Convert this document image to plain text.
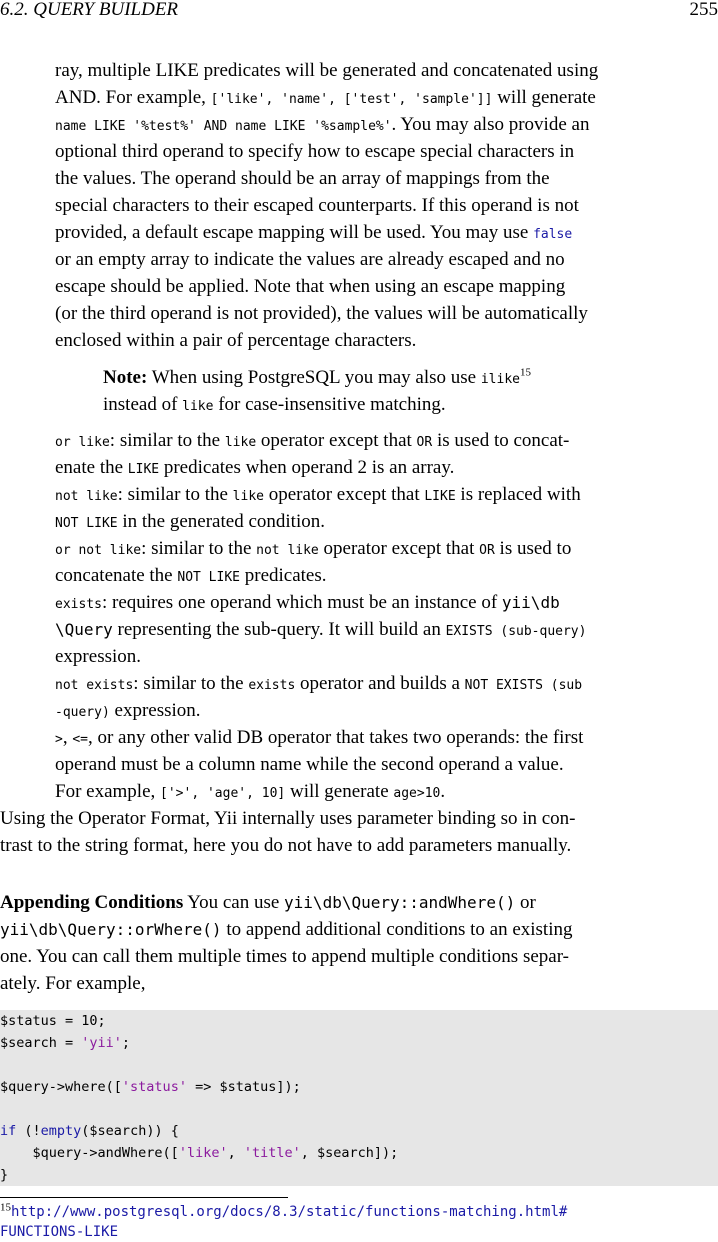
6.2. QUERY BUILDER	255
ray, multiple LIKE predicates will be generated and concatenated using
AND. For example, ['like', 'name', ['test', 'sample']] will generate
name LIKE '%test%' AND name LIKE '%sample%'. You may also provide an
optional third operand to specify how to escape special characters in
the values. The operand should be an array of mappings from the
special characters to their escaped counterparts. If this operand is not
provided, a default escape mapping will be used. You may use false
or an empty array to indicate the values are already escaped and no
escape should be applied. Note that when using an escape mapping
(or the third operand is not provided), the values will be automatically
enclosed within a pair of percentage characters.
Note: When using PostgreSQL you may also use ilike$^{15}$
instead of like for case-insensitive matching.
or like: similar to the like operator except that OR is used to concat-
enate the LIKE predicates when operand 2 is an array.
not like: similar to the like operator except that LIKE is replaced with
NOT LIKE in the generated condition.
or not like: similar to the not like operator except that OR is used to
concatenate the NOT LIKE predicates.
exists: requires one operand which must be an instance of yii\db
\Query representing the sub-query. It will build an EXISTS (sub-query)
expression.
not exists: similar to the exists operator and builds a NOT EXISTS (sub
-query) expression.
>, <=, or any other valid DB operator that takes two operands: the first
operand must be a column name while the second operand a value.
For example, ['>', 'age', 10] will generate age>10.
Using the Operator Format, Yii internally uses parameter binding so in con-
trast to the string format, here you do not have to add parameters manually.
Appending Conditions You can use yii\db\Query::andWhere() or
yii\db\Query::orWhere() to append additional conditions to an existing
one. You can call them multiple times to append multiple conditions separ-
ately. For example,
$status = 10;
$search = 'yii';
$query->where(['status' => $status]);
if (!empty($search)) {
$query->andWhere(['like', 'title', $search]);
}
$^{15}$http://www.postgresql.org/docs/8.3/static/functions-matching.html#
FUNCTIONS-LIKE
